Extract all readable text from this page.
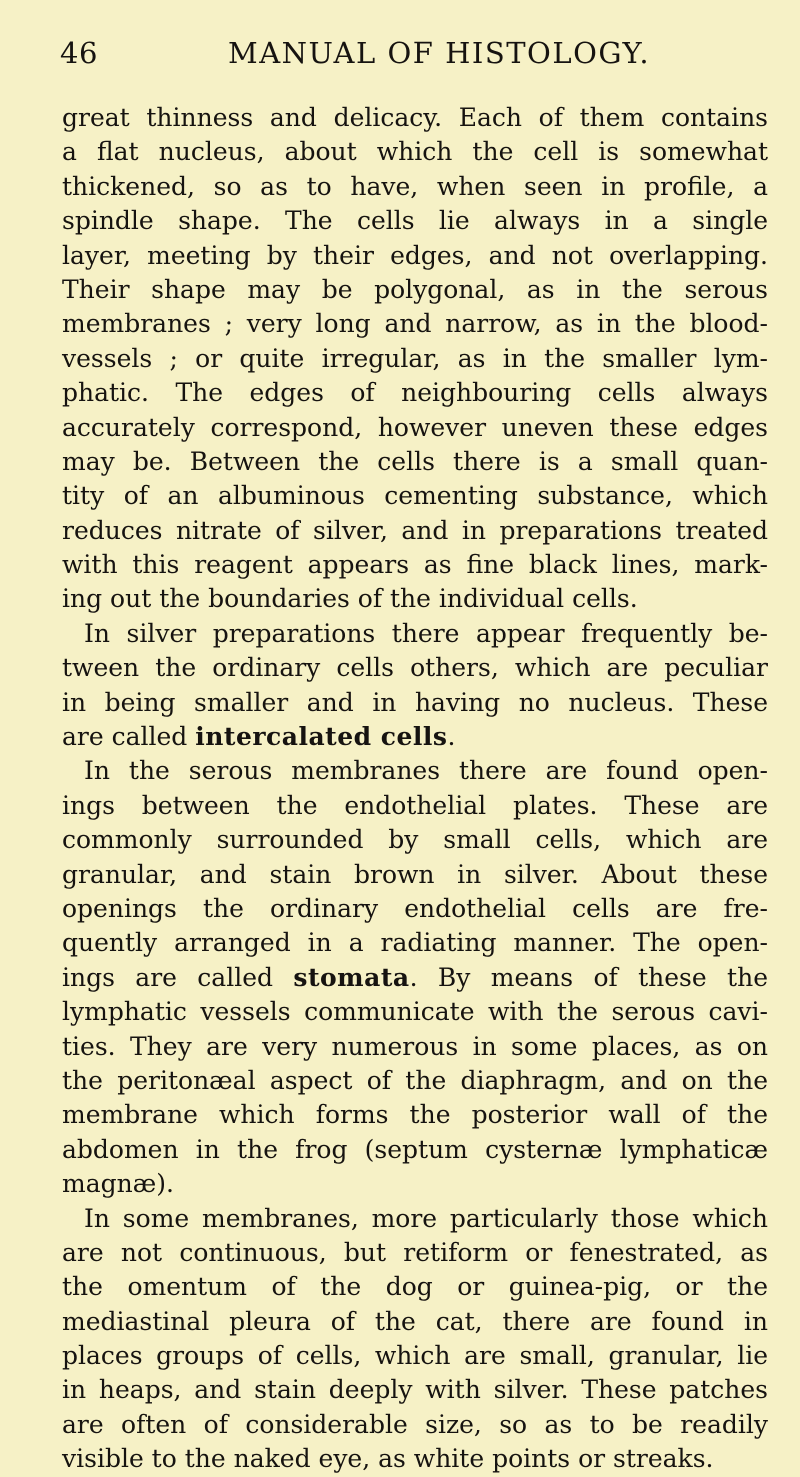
46	MANUAL OF HISTOLOGY.
great thinness and delicacy. Each of them contains
a flat nucleus, about which the cell is somewhat
thickened, so as to have, when seen in profile, a
spindle shape. The cells lie always in a single
layer, meeting by their edges, and not overlapping.
Their shape may be polygonal, as in the serous
membranes ; very long and narrow, as in the blood-
vessels ; or quite irregular, as in the smaller lym-
phatic. The edges of neighbouring cells always
accurately correspond, however uneven these edges
may be. Between the cells there is a small quan-
tity of an albuminous cementing substance, which
reduces nitrate of silver, and in preparations treated
with this reagent appears as fine black lines, mark-
ing out the boundaries of the individual cells.
In silver preparations there appear frequently be-
tween the ordinary cells others, which are peculiar
in being smaller and in having no nucleus. These
are called intercalated cells.
In the serous membranes there are found open-
ings between the endothelial plates. These are
commonly surrounded by small cells, which are
granular, and stain brown in silver. About these
openings the ordinary endothelial cells are fre-
quently arranged in a radiating manner. The open-
ings are called stomata. By means of these the
lymphatic vessels communicate with the serous cavi-
ties. They are very numerous in some places, as on
the peritonæal aspect of the diaphragm, and on the
membrane which forms the posterior wall of the
abdomen in the frog (septum cysternæ lymphaticæ
magnæ).
In some membranes, more particularly those which
are not continuous, but retiform or fenestrated, as
the omentum of the dog or guinea-pig, or the
mediastinal pleura of the cat, there are found in
places groups of cells, which are small, granular, lie
in heaps, and stain deeply with silver. These patches
are often of considerable size, so as to be readily
visible to the naked eye, as white points or streaks.
